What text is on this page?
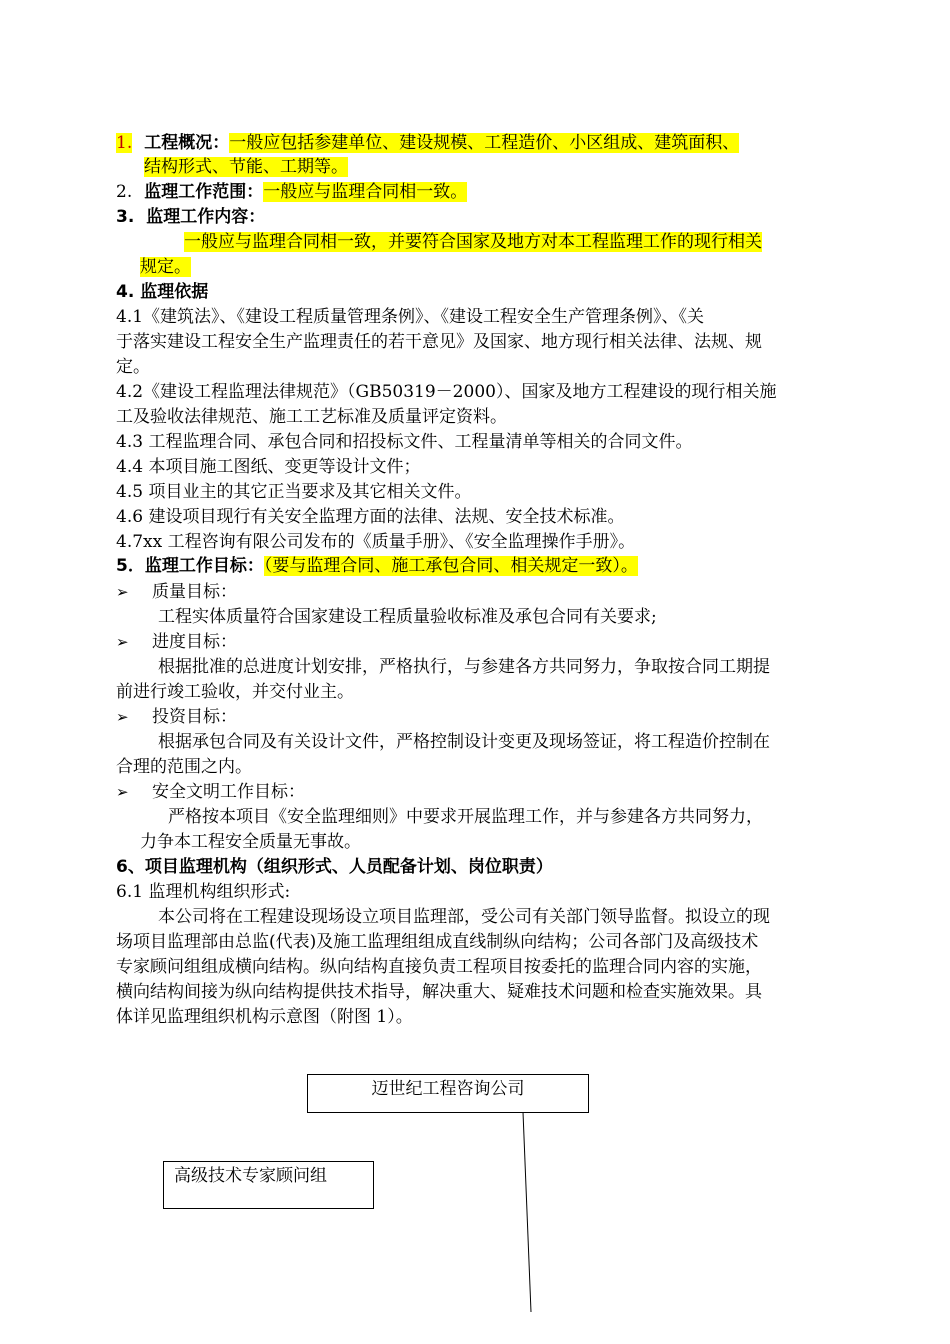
1. 工程概况：一般应包括参建单位、建设规模、工程造价、小区组成、建筑面积、
结构形式、节能、工期等。
2. 监理工作范围：一般应与监理合同相一致。
3. 监理工作内容：
一般应与监理合同相一致，并要符合国家及地方对本工程监理工作的现行相关
规定。
4. 监理依据
4.1《建筑法》、《建设工程质量管理条例》、《建设工程安全生产管理条例》、《关
于落实建设工程安全生产监理责任的若干意见》及国家、地方现行相关法律、法规、规
定。
4.2《建设工程监理法律规范》（GB50319－2000）、国家及地方工程建设的现行相关施
工及验收法律规范、施工工艺标准及质量评定资料。
4.3 工程监理合同、承包合同和招投标文件、工程量清单等相关的合同文件。
4.4 本项目施工图纸、变更等设计文件；
4.5 项目业主的其它正当要求及其它相关文件。
4.6 建设项目现行有关安全监理方面的法律、法规、安全技术标准。
4.7xx 工程咨询有限公司发布的《质量手册》、《安全监理操作手册》。
5．监理工作目标：（要与监理合同、施工承包合同、相关规定一致）。
➢ 质量目标：
工程实体质量符合国家建设工程质量验收标准及承包合同有关要求;
➢ 进度目标：
根据批准的总进度计划安排，严格执行，与参建各方共同努力，争取按合同工期提
前进行竣工验收，并交付业主。
➢ 投资目标：
根据承包合同及有关设计文件，严格控制设计变更及现场签证，将工程造价控制在
合理的范围之内。
➢ 安全文明工作目标：
严格按本项目《安全监理细则》中要求开展监理工作，并与参建各方共同努力，
力争本工程安全质量无事故。
6、项目监理机构（组织形式、人员配备计划、岗位职责）
6.1 监理机构组织形式:
本公司将在工程建设现场设立项目监理部，受公司有关部门领导监督。拟设立的现
场项目监理部由总监(代表)及施工监理组组成直线制纵向结构；公司各部门及高级技术
专家顾问组组成横向结构。纵向结构直接负责工程项目按委托的监理合同内容的实施，
横向结构间接为纵向结构提供技术指导，解决重大、疑难技术问题和检查实施效果。具
体详见监理组织机构示意图（附图 1）。
迈世纪工程咨询公司
高级技术专家顾问组
